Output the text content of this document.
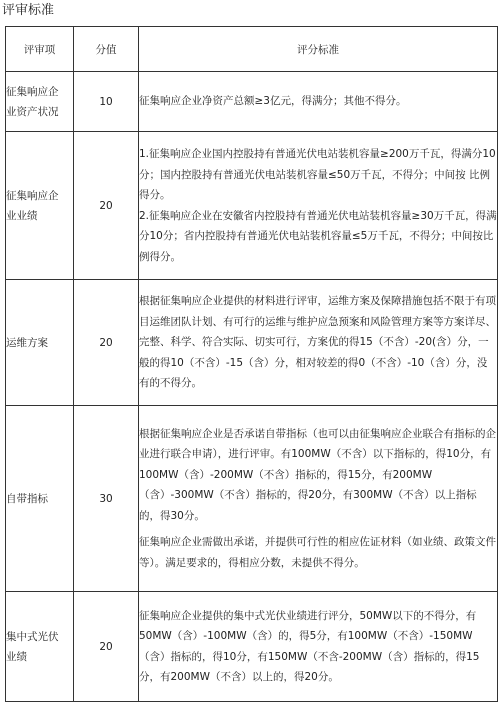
评审标准
评审项	分值	评分标准

征集响应企
业资产状况	10	征集响应企业净资产总额≥3亿元，得满分；其他不得分。

征集响应企
业业绩	20	1.征集响应企业国内控股持有普通光伏电站装机容量≥200万千瓦，得满分10分；国内控股持有普通光伏电站装机容量≤50万千瓦，不得分；中间按 比例得分。
2.征集响应企业在安徽省内控股持有普通光伏电站装机容量≥30万千瓦，得满 分10分；省内控股持有普通光伏电站装机容量≤5万千瓦，不得分；中间按比例得分。

运维方案	20	根据征集响应企业提供的材料进行评审，运维方案及保障措施包括不限于有项目运维团队计划、有可行的运维与维护应急预案和风险管理方案等方案详尽、完整、科学、符合实际、切实可行，方案优的得15（不含）-20(含）分，一般的得10（不含）-15（含）分，相对较差的得0（不含）-10（含）分，没有的不得分。

自带指标	30	根据征集响应企业是否承诺自带指标（也可以由征集响应企业联合有指标的企业进行联合申请），进行评审。有100MW（不含）以下指标的，得10分，有100MW（含）-200MW（不含）指标的，得15分，有200MW（含）-300MW（不含）指标的，得20分，有300MW（不含）以上指标的，得30分。
征集响应企业需做出承诺，并提供可行性的相应佐证材料（如业绩、政策文件等）。满足要求的，得相应分数，未提供不得分。

集中式光伏
业绩	20	征集响应企业提供的集中式光伏业绩进行评分，50MW以下的不得分，有50MW（含）-100MW（含）的，得5分，有100MW（不含）-150MW（含）指标的，得10分，有150MW（不含-200MW（含）指标的，得15分，有200MW（不含）以上的，得20分。
